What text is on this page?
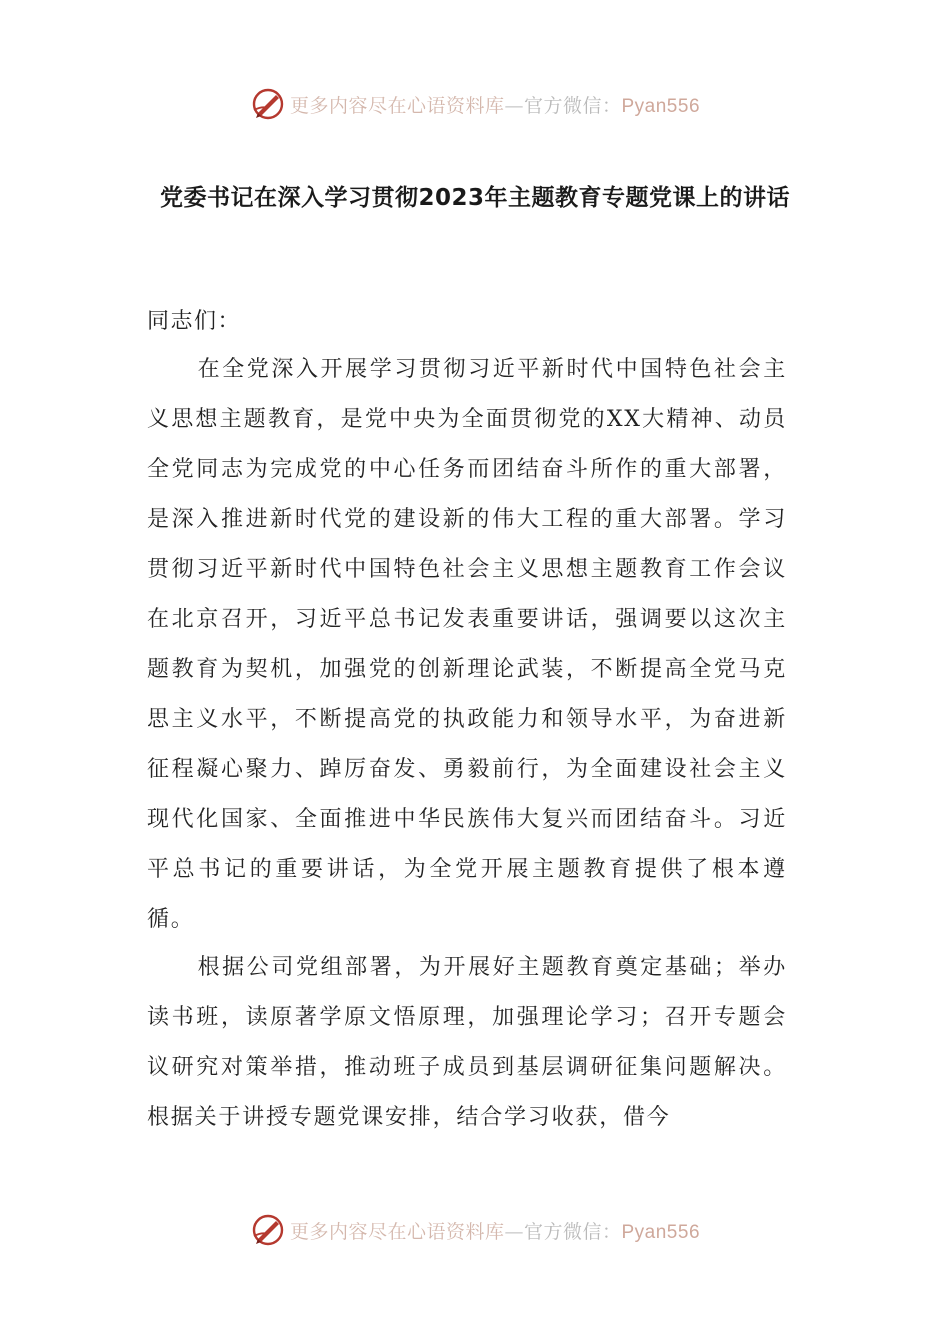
更多内容尽在心语资料库—官方微信：Pyan556
党委书记在深入学习贯彻2023年主题教育专题党课上的讲话
同志们：

在全党深入开展学习贯彻习近平新时代中国特色社会主义思想主题教育，是党中央为全面贯彻党的XX大精神、动员全党同志为完成党的中心任务而团结奋斗所作的重大部署，是深入推进新时代党的建设新的伟大工程的重大部署。学习贯彻习近平新时代中国特色社会主义思想主题教育工作会议在北京召开，习近平总书记发表重要讲话，强调要以这次主题教育为契机，加强党的创新理论武装，不断提高全党马克思主义水平，不断提高党的执政能力和领导水平，为奋进新征程凝心聚力、踔厉奋发、勇毅前行，为全面建设社会主义现代化国家、全面推进中华民族伟大复兴而团结奋斗。习近平总书记的重要讲话，为全党开展主题教育提供了根本遵循。

根据公司党组部署，为开展好主题教育奠定基础；举办读书班，读原著学原文悟原理，加强理论学习；召开专题会议研究对策举措，推动班子成员到基层调研征集问题解决。根据关于讲授专题党课安排，结合学习收获，借今

更多内容尽在心语资料库—官方微信：Pyan556
